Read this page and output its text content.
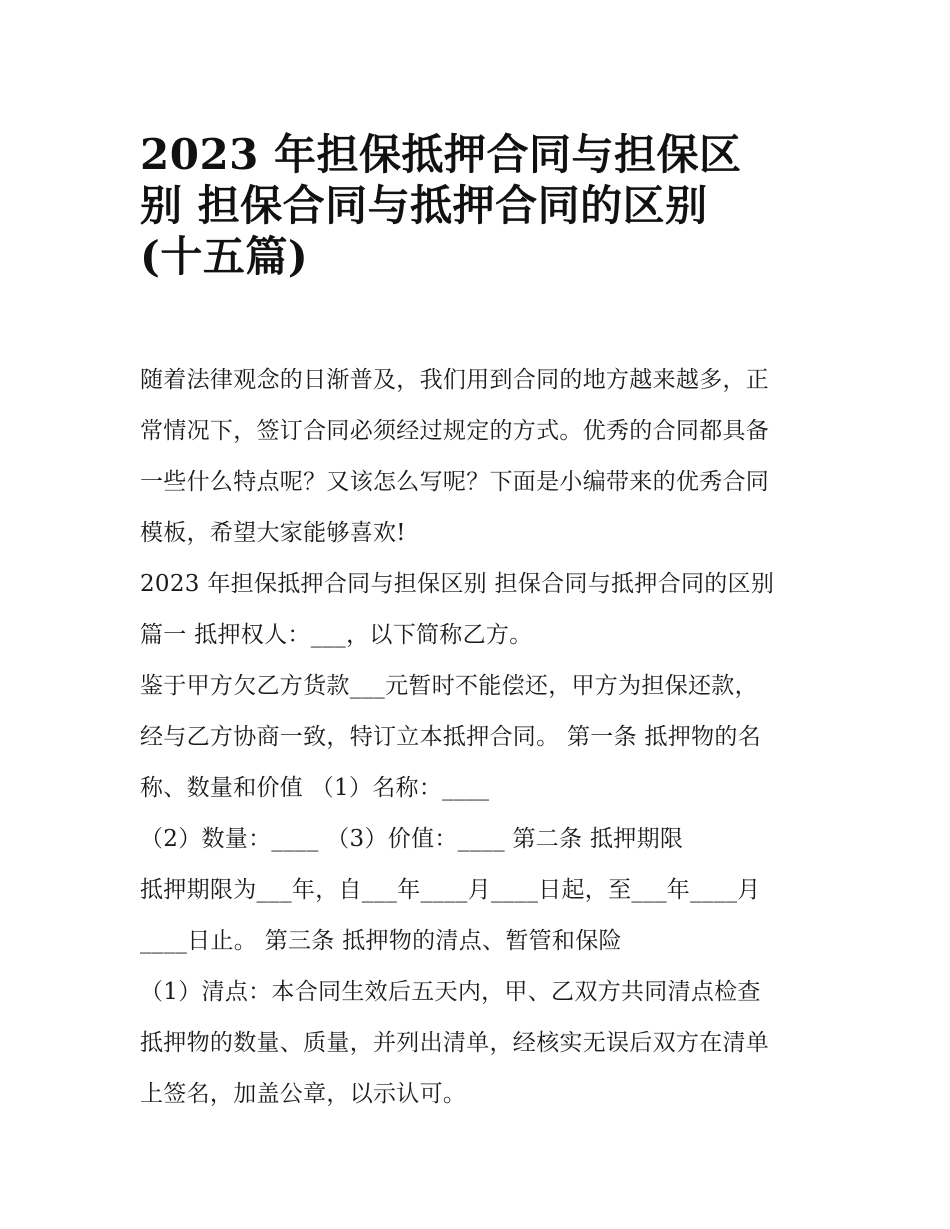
2023 年担保抵押合同与担保区
别 担保合同与抵押合同的区别
(十五篇)
随着法律观念的日渐普及，我们用到合同的地方越来越多，正
常情况下，签订合同必须经过规定的方式。优秀的合同都具备
一些什么特点呢？又该怎么写呢？下面是小编带来的优秀合同
模板，希望大家能够喜欢!
2023 年担保抵押合同与担保区别 担保合同与抵押合同的区别
篇一 抵押权人：___，以下简称乙方。
鉴于甲方欠乙方货款___元暂时不能偿还，甲方为担保还款，
经与乙方协商一致，特订立本抵押合同。 第一条 抵押物的名
称、数量和价值 （1）名称：____
（2）数量：____ （3）价值：____ 第二条 抵押期限
抵押期限为___年，自___年____月____日起，至___年____月
____日止。 第三条 抵押物的清点、暂管和保险
（1）清点：本合同生效后五天内，甲、乙双方共同清点检查
抵押物的数量、质量，并列出清单，经核实无误后双方在清单
上签名，加盖公章，以示认可。
